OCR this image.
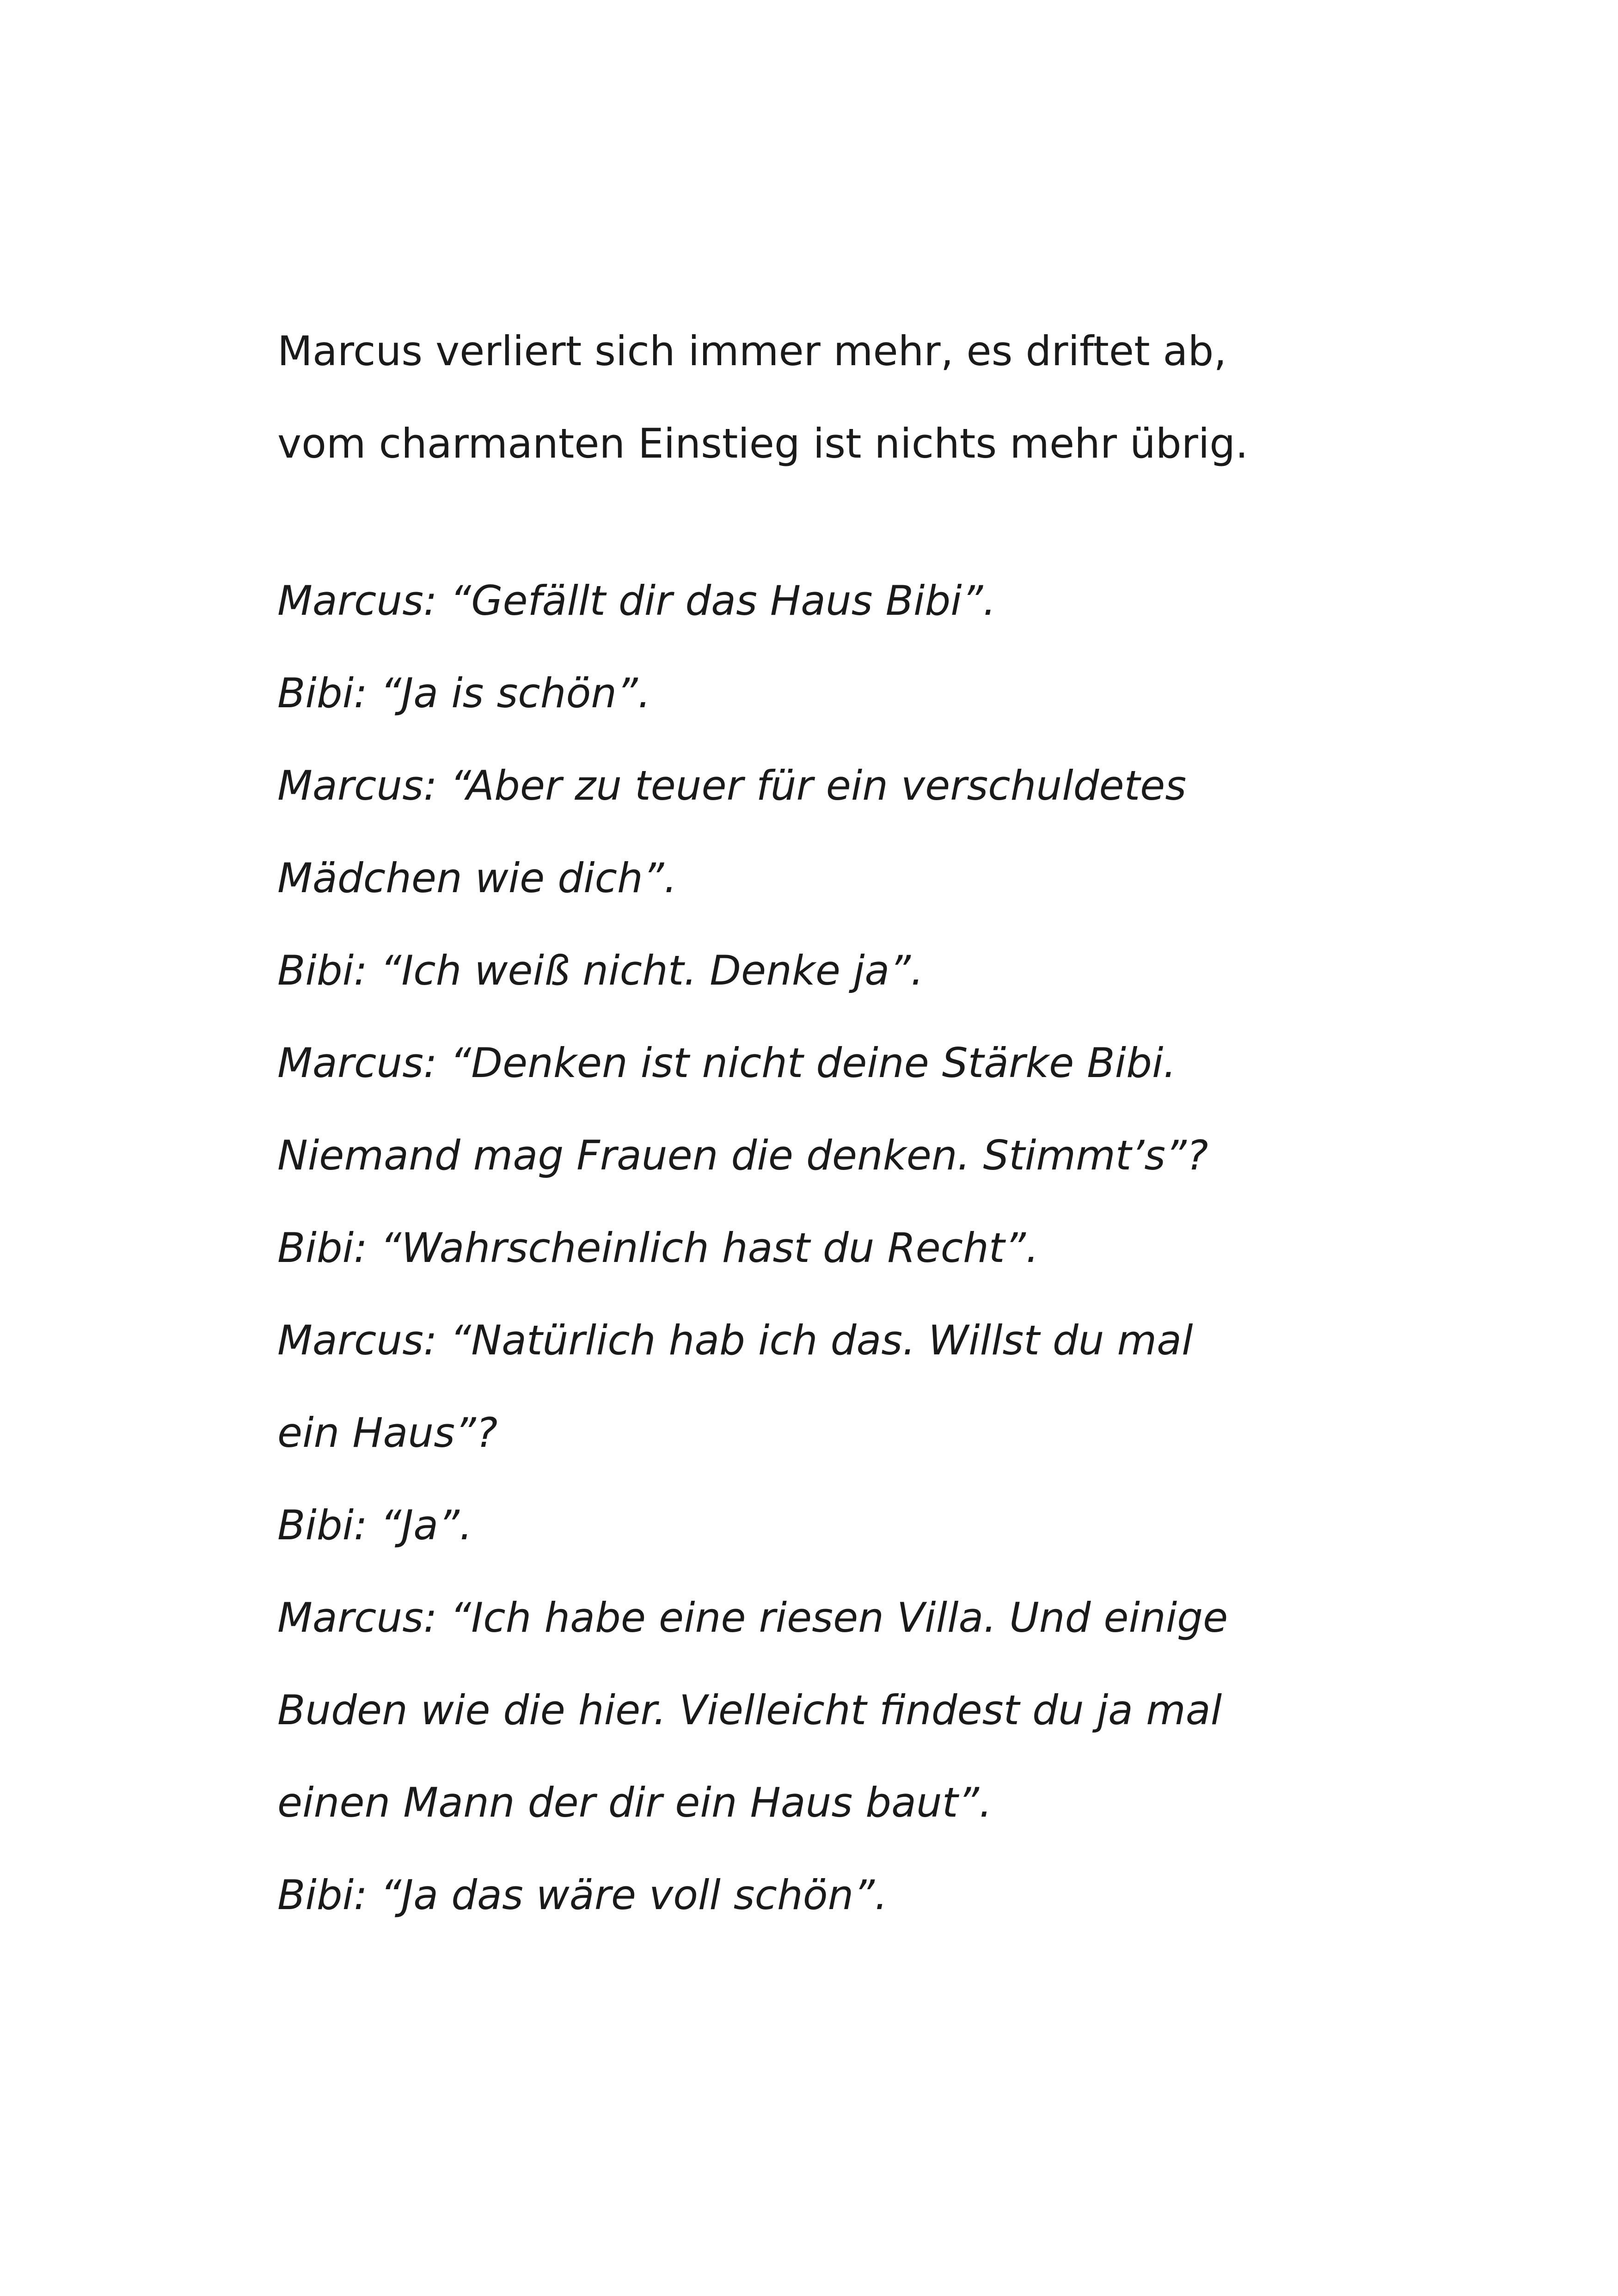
Marcus verliert sich immer mehr, es driftet ab,
vom charmanten Einstieg ist nichts mehr übrig.
Marcus: “Gefällt dir das Haus Bibi”.
Bibi: “Ja is schön”.
Marcus: “Aber zu teuer für ein verschuldetes
Mädchen wie dich”.
Bibi: “Ich weiß nicht. Denke ja”.
Marcus: “Denken ist nicht deine Stärke Bibi.
Niemand mag Frauen die denken. Stimmt’s”?
Bibi: “Wahrscheinlich hast du Recht”.
Marcus: “Natürlich hab ich das. Willst du mal
ein Haus”?
Bibi: “Ja”.
Marcus: “Ich habe eine riesen Villa. Und einige
Buden wie die hier. Vielleicht findest du ja mal
einen Mann der dir ein Haus baut”.
Bibi: “Ja das wäre voll schön”.
